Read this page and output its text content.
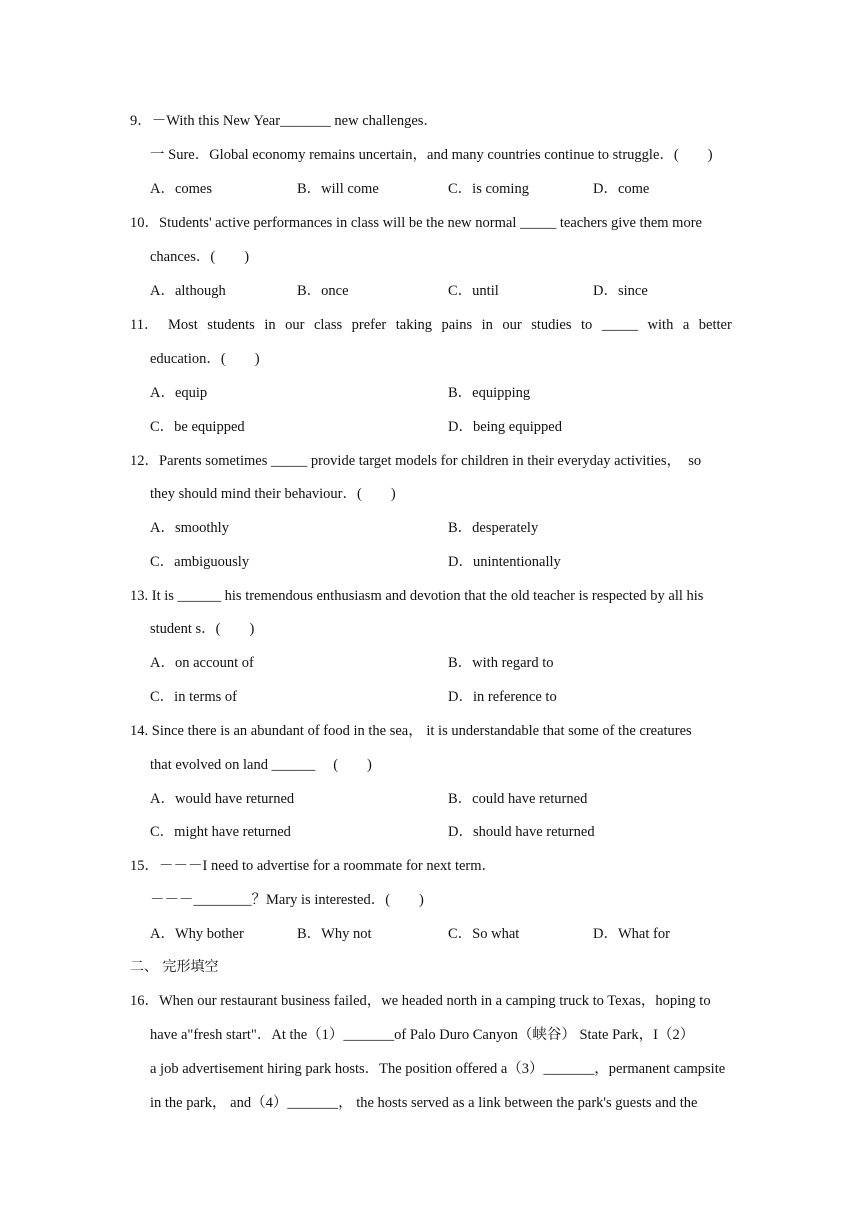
9．－With this New Year_______ new challenges．
一 Sure．Global economy remains uncertain，and many countries continue to struggle．(　　)
A．comes	B．will come	C．is coming	D．come
10．Students' active performances in class will be the new normal _____ teachers give them more
chances．(　　)
A．although	B．once	C．until	D．since
11． Most students in our class prefer taking pains in our studies to _____ with a better
education．(　　)
A．equip	B．equipping
C．be equipped	D．being equipped
12．Parents sometimes _____ provide target models for children in their everyday activities，　so
they should mind their behaviour．(　　)
A．smoothly	B．desperately
C．ambiguously	D．unintentionally
13. It is ______ his tremendous enthusiasm and devotion that the old teacher is respected by all his
student s．(　　)
A．on account of	B．with regard to
C．in terms of	D．in reference to
14. Since there is an abundant of food in the sea， it is understandable that some of the creatures
that evolved on land ______　 (　　)
A．would have returned	B．could have returned
C．might have returned	D．should have returned
15．－－－I need to advertise for a roommate for next term．
－－－________？Mary is interested．(　　)
A．Why bother	B．Why not	C．So what	D．What for
二、 完形填空
16．When our restaurant business failed，we headed north in a camping truck to Texas，hoping to
have a"fresh start"．At the（1）_______of Palo Duro Canyon（峡谷） State Park，I（2）
a job advertisement hiring park hosts．The position offered a（3）_______，permanent campsite
in the park， and（4）_______， the hosts served as a link between the park's guests and the
